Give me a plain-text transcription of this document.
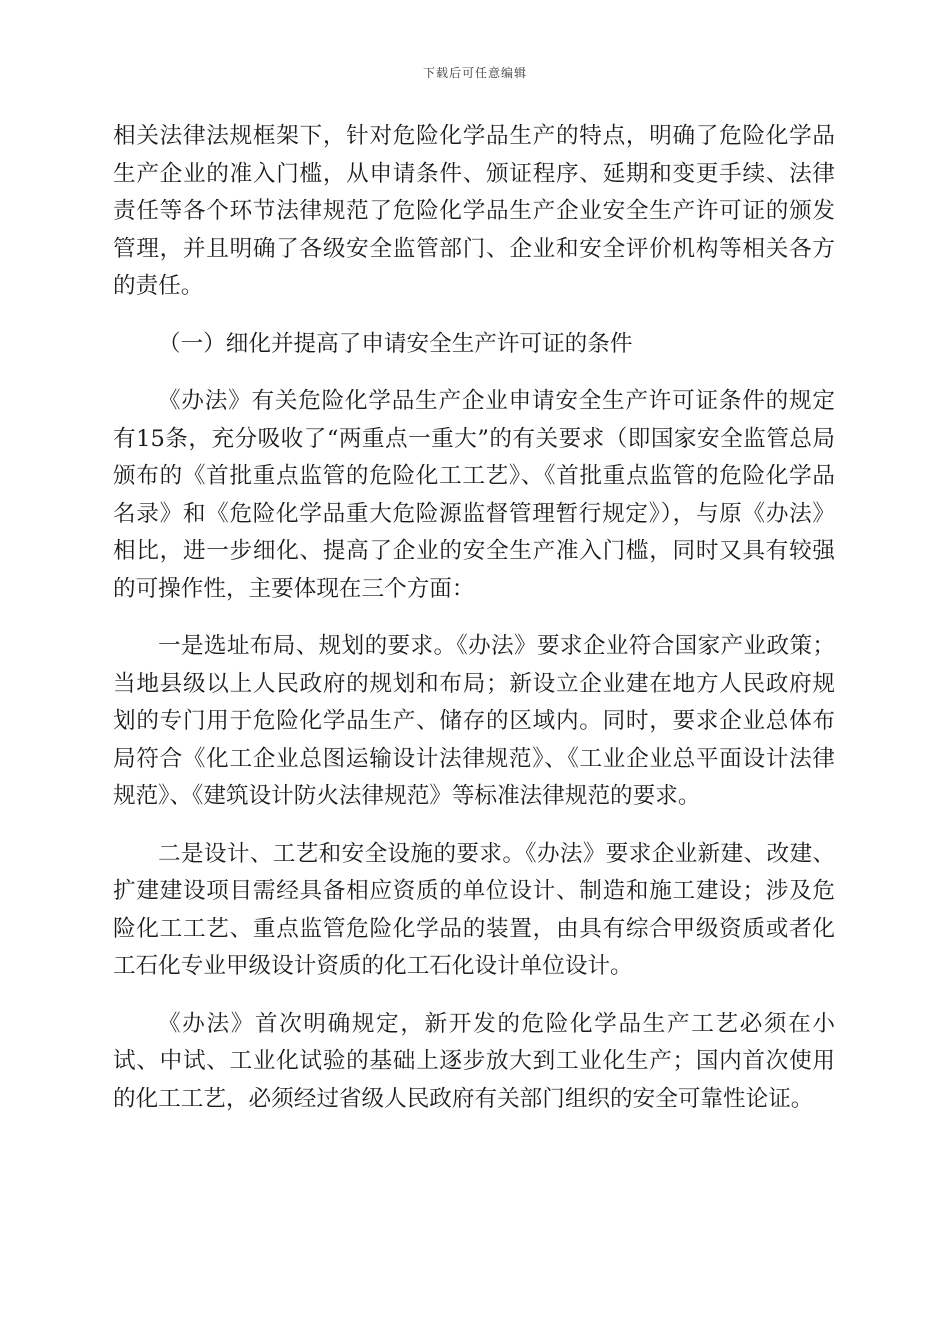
下载后可任意编辑

相关法律法规框架下，针对危险化学品生产的特点，明确了危险化学品生产企业的准入门槛，从申请条件、颁证程序、延期和变更手续、法律责任等各个环节法律规范了危险化学品生产企业安全生产许可证的颁发管理，并且明确了各级安全监管部门、企业和安全评价机构等相关各方的责任。

（一）细化并提高了申请安全生产许可证的条件

《办法》有关危险化学品生产企业申请安全生产许可证条件的规定有15条，充分吸收了“两重点一重大”的有关要求（即国家安全监管总局颁布的《首批重点监管的危险化工工艺》、《首批重点监管的危险化学品名录》和《危险化学品重大危险源监督管理暂行规定》），与原《办法》相比，进一步细化、提高了企业的安全生产准入门槛，同时又具有较强的可操作性，主要体现在三个方面：

一是选址布局、规划的要求。《办法》要求企业符合国家产业政策；当地县级以上人民政府的规划和布局；新设立企业建在地方人民政府规划的专门用于危险化学品生产、储存的区域内。同时，要求企业总体布局符合《化工企业总图运输设计法律规范》、《工业企业总平面设计法律规范》、《建筑设计防火法律规范》等标准法律规范的要求。

二是设计、工艺和安全设施的要求。《办法》要求企业新建、改建、扩建建设项目需经具备相应资质的单位设计、制造和施工建设；涉及危险化工工艺、重点监管危险化学品的装置，由具有综合甲级资质或者化工石化专业甲级设计资质的化工石化设计单位设计。

《办法》首次明确规定，新开发的危险化学品生产工艺必须在小试、中试、工业化试验的基础上逐步放大到工业化生产；国内首次使用的化工工艺，必须经过省级人民政府有关部门组织的安全可靠性论证。
